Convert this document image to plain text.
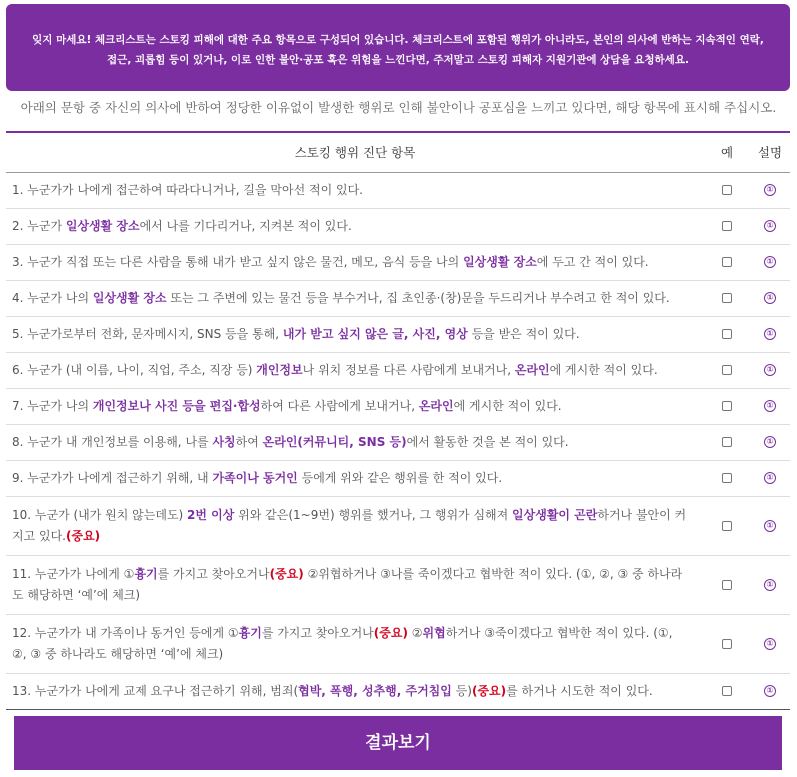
잊지 마세요! 체크리스트는 스토킹 피해에 대한 주요 항목으로 구성되어 있습니다. 체크리스트에 포함된 행위가 아니라도, 본인의 의사에 반하는 지속적인 연락,
접근, 괴롭힘 등이 있거나, 이로 인한 불안·공포 혹은 위험을 느낀다면, 주저말고 스토킹 피해자 지원기관에 상담을 요청하세요.
아래의 문항 중 자신의 의사에 반하여 정당한 이유없이 발생한 행위로 인해 불안이나 공포심을 느끼고 있다면, 해당 항목에 표시해 주십시오.
스토킹 행위 진단 항목	예	설명
1. 누군가가 나에게 접근하여 따라다니거나, 길을 막아선 적이 있다.		①
2. 누군가 일상생활 장소에서 나를 기다리거나, 지켜본 적이 있다.		①
3. 누군가 직접 또는 다른 사람을 통해 내가 받고 싶지 않은 물건, 메모, 음식 등을 나의 일상생활 장소에 두고 간 적이 있다.		①
4. 누군가 나의 일상생활 장소 또는 그 주변에 있는 물건 등을 부수거나, 집 초인종·(창)문을 두드리거나 부수려고 한 적이 있다.		①
5. 누군가로부터 전화, 문자메시지, SNS 등을 통해, 내가 받고 싶지 않은 글, 사진, 영상 등을 받은 적이 있다.		①
6. 누군가 (내 이름, 나이, 직업, 주소, 직장 등) 개인정보나 위치 정보를 다른 사람에게 보내거나, 온라인에 게시한 적이 있다.		①
7. 누군가 나의 개인정보나 사진 등을 편집·합성하여 다른 사람에게 보내거나, 온라인에 게시한 적이 있다.		①
8. 누군가 내 개인정보를 이용해, 나를 사칭하여 온라인(커뮤니티, SNS 등)에서 활동한 것을 본 적이 있다.		①
9. 누군가가 나에게 접근하기 위해, 내 가족이나 동거인 등에게 위와 같은 행위를 한 적이 있다.		①
10. 누군가 (내가 원치 않는데도) 2번 이상 위와 같은(1~9번) 행위를 했거나, 그 행위가 심해져 일상생활이 곤란하거나 불안이 커지고 있다.(중요)		①
11. 누군가가 나에게 ①흉기를 가지고 찾아오거나(중요) ②위협하거나 ③나를 죽이겠다고 협박한 적이 있다. (①, ②, ③ 중 하나라도 해당하면 ‘예’에 체크)		①
12. 누군가가 내 가족이나 동거인 등에게 ①흉기를 가지고 찾아오거나(중요) ②위협하거나 ③죽이겠다고 협박한 적이 있다. (①, ②, ③ 중 하나라도 해당하면 ‘예’에 체크)		①
13. 누군가가 나에게 교제 요구나 접근하기 위해, 범죄(협박, 폭행, 성추행, 주거침입 등)(중요)를 하거나 시도한 적이 있다.		①
결과보기
